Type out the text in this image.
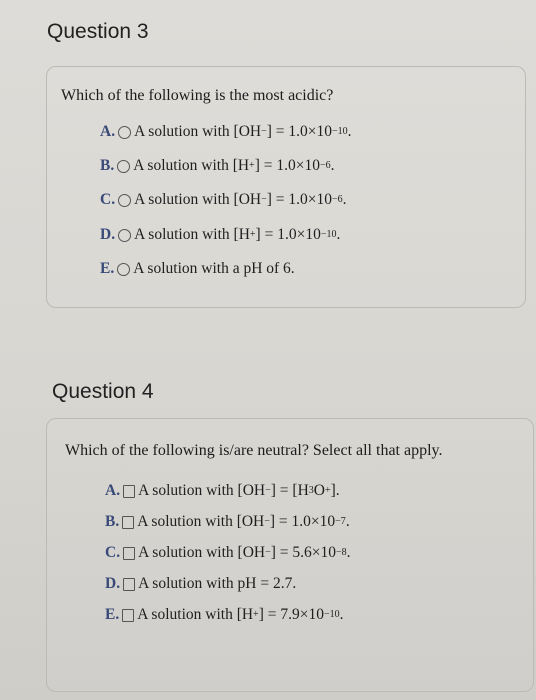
Question 3
Which of the following is the most acidic?
A. A solution with [OH − ] = 1.0×10 −10 .
B. A solution with [H + ] = 1.0×10 −6 .
C. A solution with [OH − ] = 1.0×10 −6 .
D. A solution with [H + ] = 1.0×10 −10 .
E. A solution with a pH of 6.
Question 4
Which of the following is/are neutral? Select all that apply.
A. A solution with [OH − ] = [H 3 O + ].
B. A solution with [OH − ] = 1.0×10 −7 .
C. A solution with [OH − ] = 5.6×10 −8 .
D. A solution with pH = 2.7.
E. A solution with [H + ] = 7.9×10 −10 .
